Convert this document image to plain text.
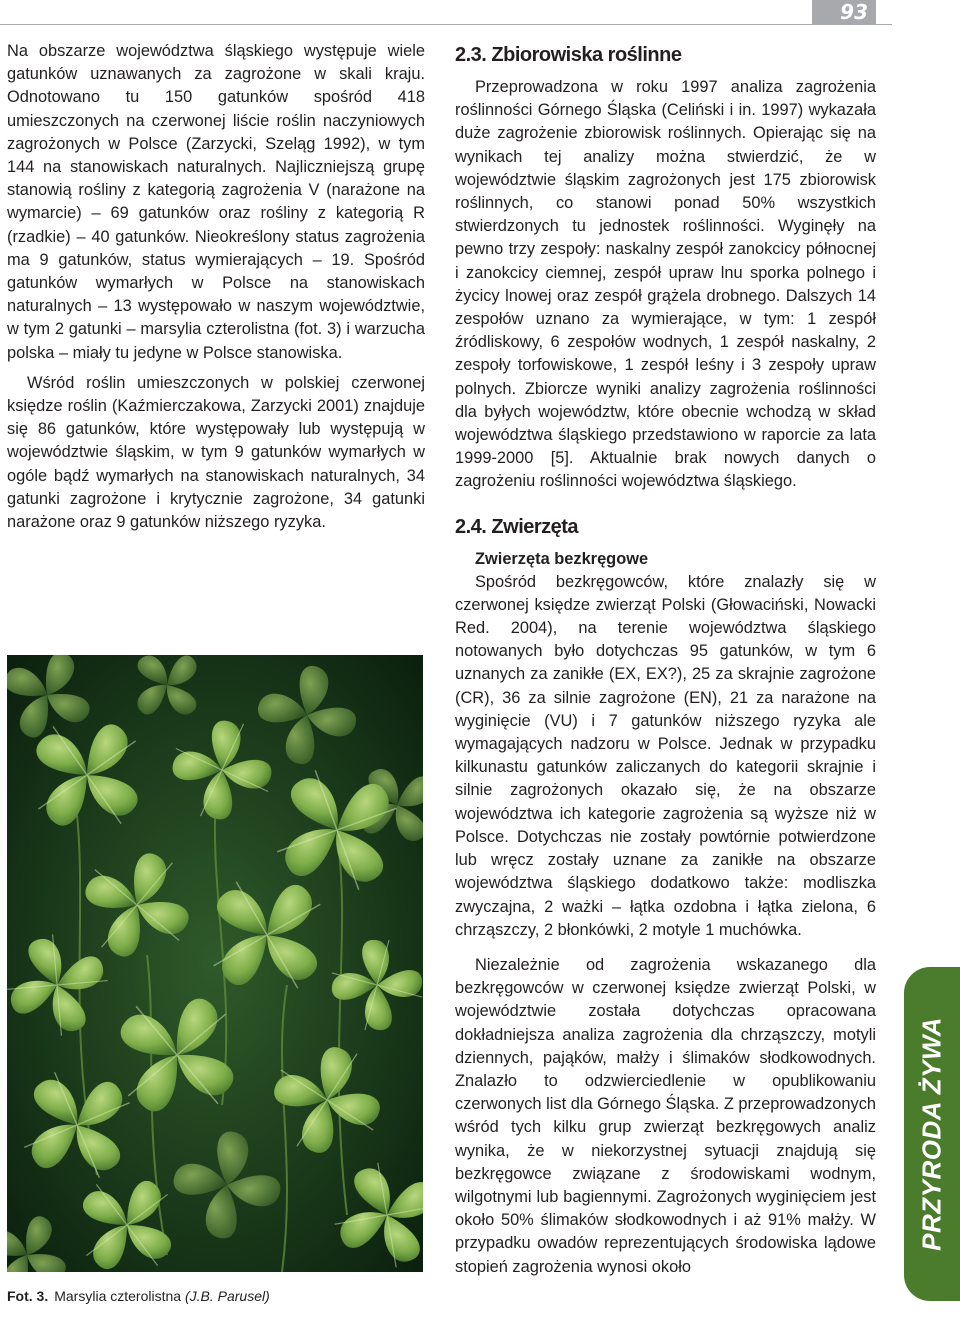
93

Na obszarze województwa śląskiego występuje wiele gatunków uznawanych za zagrożone w skali kraju. Odnotowano tu 150 gatunków spośród 418 umieszczonych na czerwonej liście roślin naczyniowych zagrożonych w Polsce (Zarzycki, Szeląg 1992), w tym 144 na stanowiskach naturalnych. Najliczniejszą grupę stanowią rośliny z kategorią zagrożenia V (narażone na wymarcie) – 69 gatunków oraz rośliny z kategorią R (rzadkie) – 40 gatunków. Nieokreślony status zagrożenia ma 9 gatunków, status wymierających – 19. Spośród gatunków wymarłych w Polsce na stanowiskach naturalnych – 13 występowało w naszym województwie, w tym 2 gatunki – marsylia czterolistna (fot. 3) i warzucha polska – miały tu jedyne w Polsce stanowiska.

Wśród roślin umieszczonych w polskiej czerwonej księdze roślin (Kaźmierczakowa, Zarzycki 2001) znajduje się 86 gatunków, które występowały lub występują w województwie śląskim, w tym 9 gatunków wymarłych w ogóle bądź wymarłych na stanowiskach naturalnych, 34 gatunki zagrożone i krytycznie zagrożone, 34 gatunki narażone oraz 9 gatunków niższego ryzyka.

Fot. 3. Marsylia czterolistna (J.B. Parusel)
2.3. Zbiorowiska roślinne

Przeprowadzona w roku 1997 analiza zagrożenia roślinności Górnego Śląska (Celiński i in. 1997) wykazała duże zagrożenie zbiorowisk roślinnych. Opierając się na wynikach tej analizy można stwierdzić, że w województwie śląskim zagrożonych jest 175 zbiorowisk roślinnych, co stanowi ponad 50% wszystkich stwierdzonych tu jednostek roślinności. Wyginęły na pewno trzy zespoły: naskalny zespół zanokcicy północnej i zanokcicy ciemnej, zespół upraw lnu sporka polnego i życicy lnowej oraz zespół grążela drobnego. Dalszych 14 zespołów uznano za wymierające, w tym: 1 zespół źródliskowy, 6 zespołów wodnych, 1 zespół naskalny, 2 zespoły torfowiskowe, 1 zespół leśny i 3 zespoły upraw polnych. Zbiorcze wyniki analizy zagrożenia roślinności dla byłych województw, które obecnie wchodzą w skład województwa śląskiego przedstawiono w raporcie za lata 1999-2000 [5]. Aktualnie brak nowych danych o zagrożeniu roślinności województwa śląskiego.

2.4. Zwierzęta
Zwierzęta bezkręgowe

Spośród bezkręgowców, które znalazły się w czerwonej księdze zwierząt Polski (Głowaciński, Nowacki Red. 2004), na terenie województwa śląskiego notowanych było dotychczas 95 gatunków, w tym 6 uznanych za zanikłe (EX, EX?), 25 za skrajnie zagrożone (CR), 36 za silnie zagrożone (EN), 21 za narażone na wyginięcie (VU) i 7 gatunków niższego ryzyka ale wymagających nadzoru w Polsce. Jednak w przypadku kilkunastu gatunków zaliczanych do kategorii skrajnie i silnie zagrożonych okazało się, że na obszarze województwa ich kategorie zagrożenia są wyższe niż w Polsce. Dotychczas nie zostały powtórnie potwierdzone lub wręcz zostały uznane za zanikłe na obszarze województwa śląskiego dodatkowo także: modliszka zwyczajna, 2 ważki – łątka ozdobna i łątka zielona, 6 chrząszczy, 2 błonkówki, 2 motyle 1 muchówka.

Niezależnie od zagrożenia wskazanego dla bezkręgowców w czerwonej księdze zwierząt Polski, w województwie została dotychczas opracowana dokładniejsza analiza zagrożenia dla chrząszczy, motyli dziennych, pająków, małży i ślimaków słodkowodnych. Znalazło to odzwierciedlenie w opublikowaniu czerwonych list dla Górnego Śląska. Z przeprowadzonych wśród tych kilku grup zwierząt bezkręgowych analiz wynika, że w niekorzystnej sytuacji znajdują się bezkręgowce związane z środowiskami wodnym, wilgotnymi lub bagiennymi. Zagrożonych wyginięciem jest około 50% ślimaków słodkowodnych i aż 91% małży. W przypadku owadów reprezentujących środowiska lądowe stopień zagrożenia wynosi około

PRZYRODA ŻYWA
